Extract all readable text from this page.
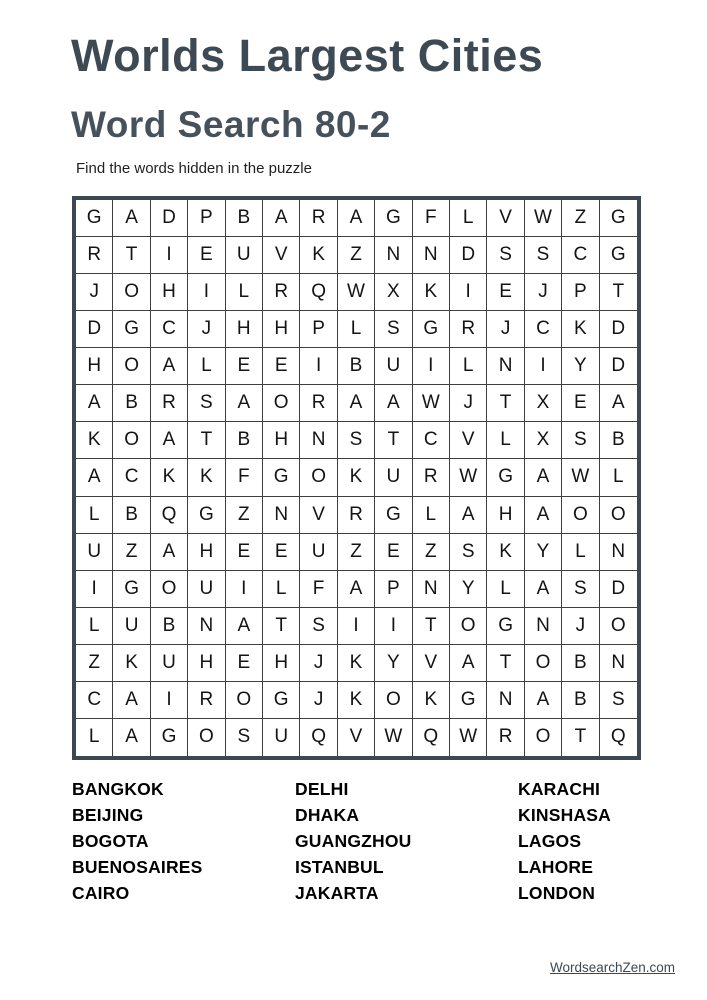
Worlds Largest Cities
Word Search 80-2

Find the words hidden in the puzzle

G	A	D	P	B	A	R	A	G	F	L	V	W	Z	G
R	T	I	E	U	V	K	Z	N	N	D	S	S	C	G
J	O	H	I	L	R	Q	W	X	K	I	E	J	P	T
D	G	C	J	H	H	P	L	S	G	R	J	C	K	D
H	O	A	L	E	E	I	B	U	I	L	N	I	Y	D
A	B	R	S	A	O	R	A	A	W	J	T	X	E	A
K	O	A	T	B	H	N	S	T	C	V	L	X	S	B
A	C	K	K	F	G	O	K	U	R	W	G	A	W	L
L	B	Q	G	Z	N	V	R	G	L	A	H	A	O	O
U	Z	A	H	E	E	U	Z	E	Z	S	K	Y	L	N
I	G	O	U	I	L	F	A	P	N	Y	L	A	S	D
L	U	B	N	A	T	S	I	I	T	O	G	N	J	O
Z	K	U	H	E	H	J	K	Y	V	A	T	O	B	N
C	A	I	R	O	G	J	K	O	K	G	N	A	B	S
L	A	G	O	S	U	Q	V	W	Q	W	R	O	T	Q
BANGKOK
BEIJING
BOGOTA
BUENOSAIRES
CAIRO
DELHI
DHAKA
GUANGZHOU
ISTANBUL
JAKARTA
KARACHI
KINSHASA
LAGOS
LAHORE
LONDON
WordsearchZen.com
